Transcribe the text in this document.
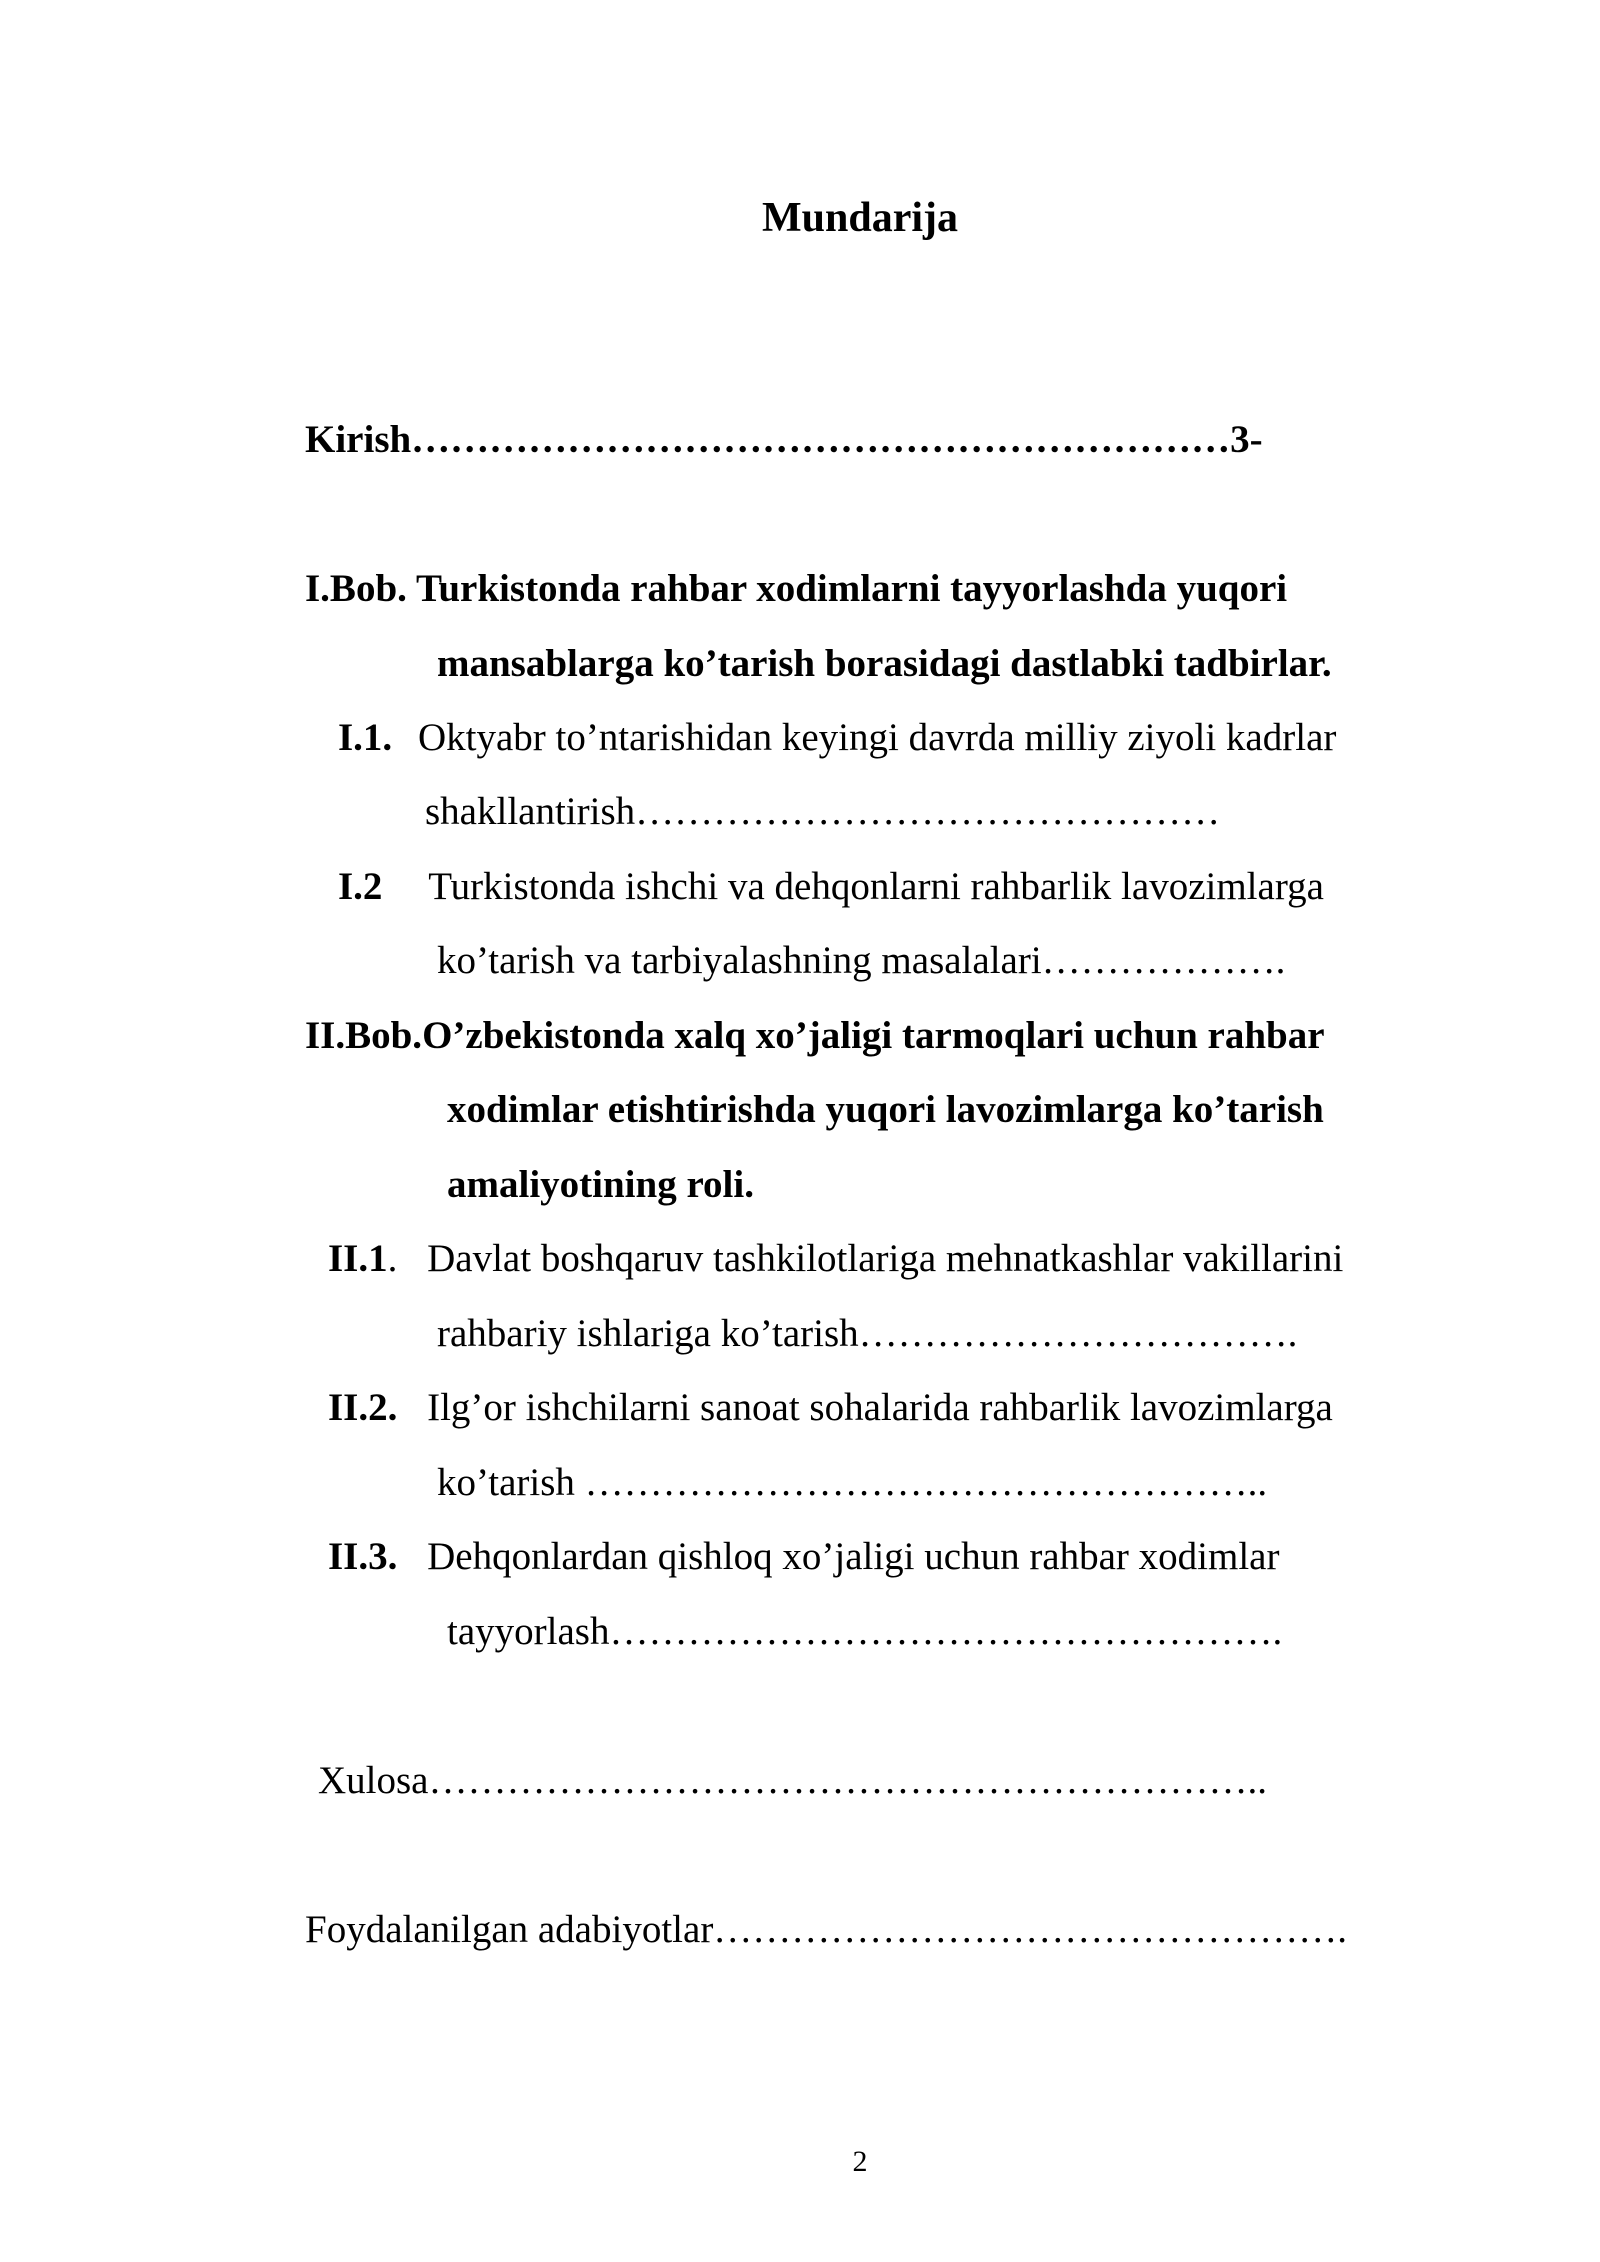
Mundarija
Kirish………………………………………………………3-
I.Bob. Turkistonda rahbar xodimlarni tayyorlashda yuqori
mansablarga ko’tarish borasidagi dastlabki tadbirlar.
I.1. Oktyabr to’ntarishidan keyingi davrda milliy ziyoli kadrlar
shakllantirish………………………………………
I.2 Turkistonda ishchi va dehqonlarni rahbarlik lavozimlarga
ko’tarish va tarbiyalashning masalalari……………….
II.Bob.O’zbekistonda xalq xo’jaligi tarmoqlari uchun rahbar
xodimlar etishtirishda yuqori lavozimlarga ko’tarish
amaliyotining roli.
II.1. Davlat boshqaruv tashkilotlariga mehnatkashlar vakillarini
rahbariy ishlariga ko’tarish…………………………….
II.2. Ilg’or ishchilarni sanoat sohalarida rahbarlik lavozimlarga
ko’tarish ……………………………………………..
II.3. Dehqonlardan qishloq xo’jaligi uchun rahbar xodimlar
tayyorlash…………………………………………….
Xulosa………………………………………………………..
Foydalanilgan adabiyotlar………………………………………….
2
